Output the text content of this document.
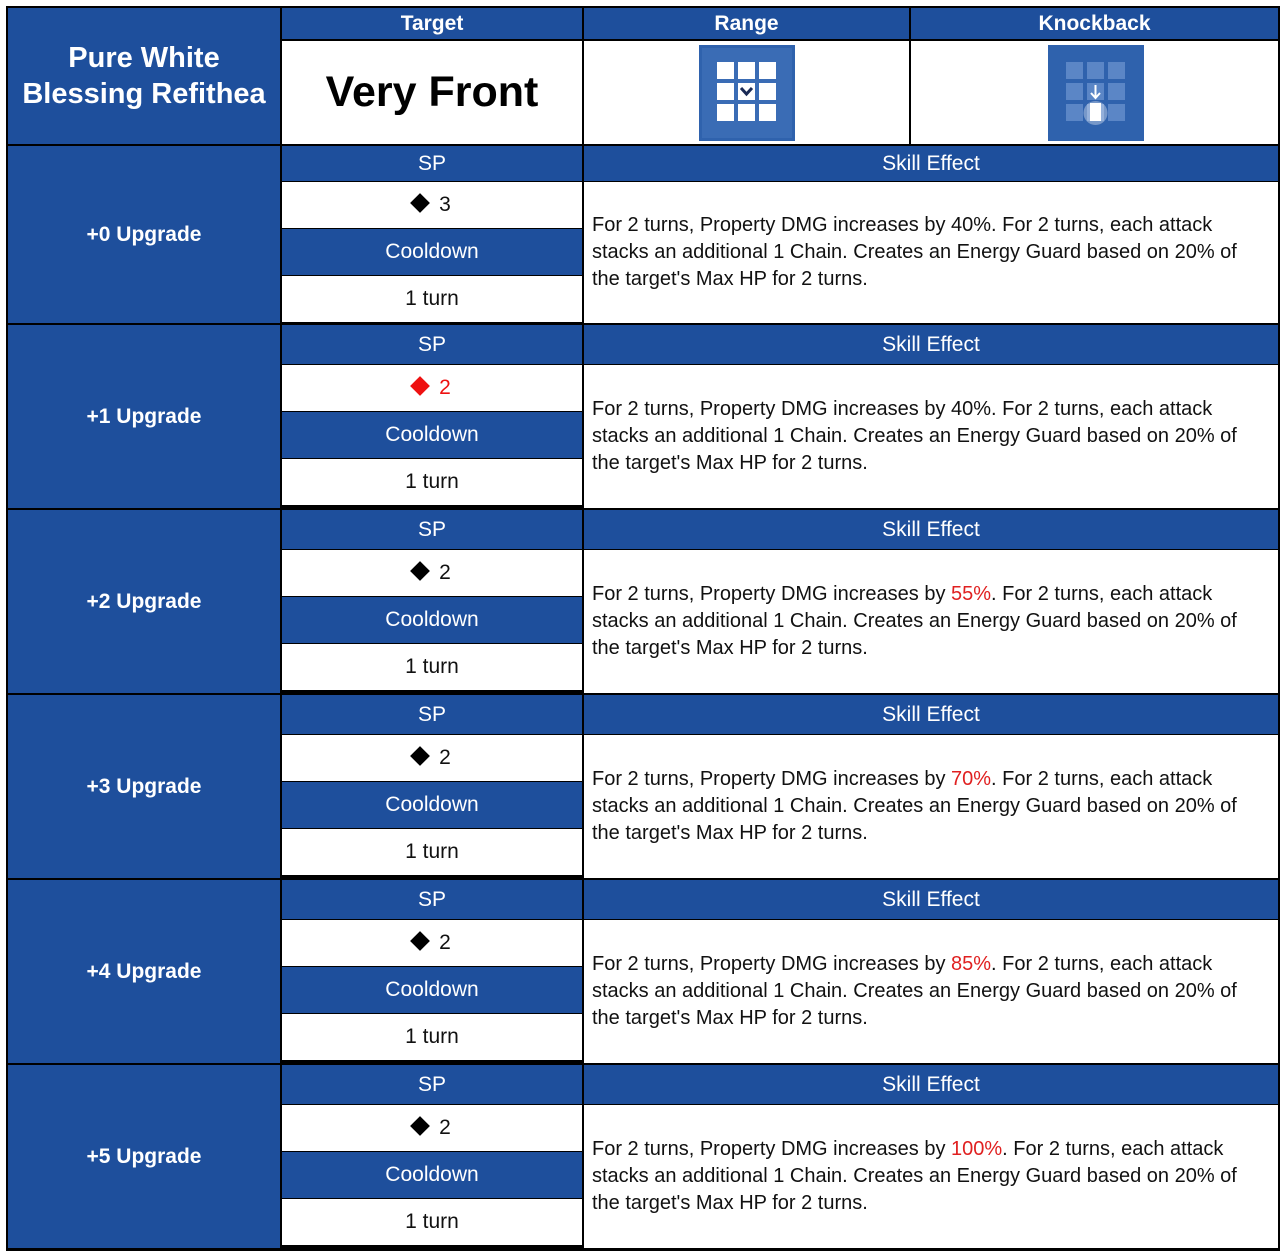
Pure White Blessing Refithea
Target	Range	Knockback
Very Front
+0 Upgrade
SP
3
Cooldown
1 turn
Skill Effect
For 2 turns, Property DMG increases by 40%. For 2 turns, each attack stacks an additional 1 Chain. Creates an Energy Guard based on 20% of the target's Max HP for 2 turns.
+1 Upgrade
SP
2
Cooldown
1 turn
Skill Effect
For 2 turns, Property DMG increases by 40%. For 2 turns, each attack stacks an additional 1 Chain. Creates an Energy Guard based on 20% of the target's Max HP for 2 turns.
+2 Upgrade
SP
2
Cooldown
1 turn
Skill Effect
For 2 turns, Property DMG increases by 55%. For 2 turns, each attack stacks an additional 1 Chain. Creates an Energy Guard based on 20% of the target's Max HP for 2 turns.
+3 Upgrade
SP
2
Cooldown
1 turn
Skill Effect
For 2 turns, Property DMG increases by 70%. For 2 turns, each attack stacks an additional 1 Chain. Creates an Energy Guard based on 20% of the target's Max HP for 2 turns.
+4 Upgrade
SP
2
Cooldown
1 turn
Skill Effect
For 2 turns, Property DMG increases by 85%. For 2 turns, each attack stacks an additional 1 Chain. Creates an Energy Guard based on 20% of the target's Max HP for 2 turns.
+5 Upgrade
SP
2
Cooldown
1 turn
Skill Effect
For 2 turns, Property DMG increases by 100%. For 2 turns, each attack stacks an additional 1 Chain. Creates an Energy Guard based on 20% of the target's Max HP for 2 turns.
